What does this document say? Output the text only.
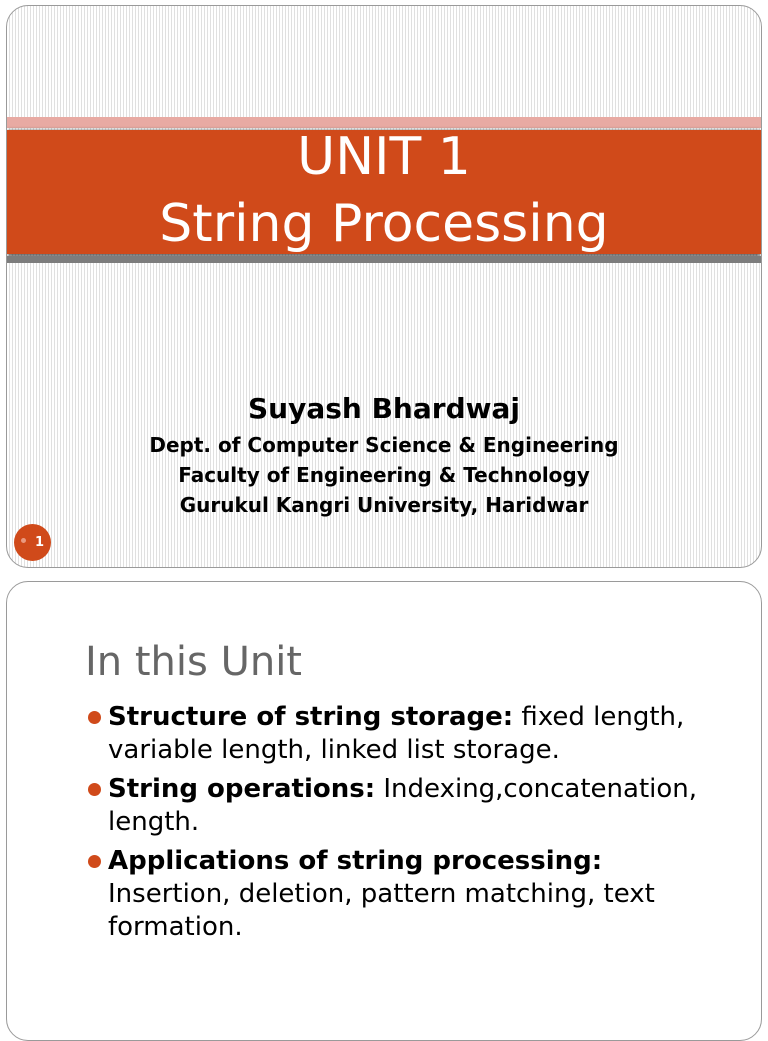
UNIT 1
String Processing
Suyash Bhardwaj
Dept. of Computer Science & Engineering
Faculty of Engineering & Technology
Gurukul Kangri University, Haridwar
1
In this Unit
Structure of string storage: fixed length, variable length, linked list storage.
String operations: Indexing,concatenation, length.
Applications of string processing: Insertion, deletion, pattern matching, text formation.
